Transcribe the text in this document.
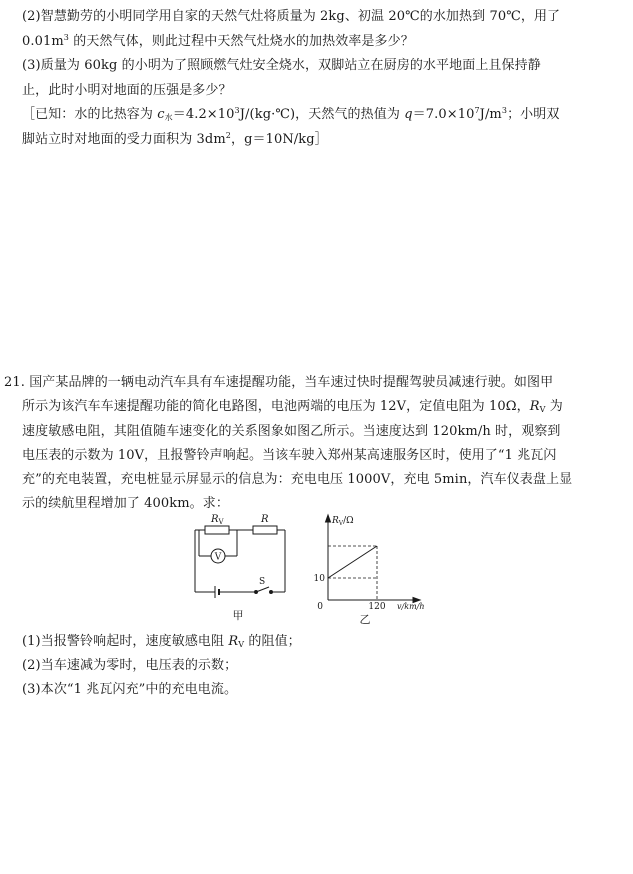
(2)智慧勤劳的小明同学用自家的天然气灶将质量为 2kg、初温 20℃的水加热到 70℃，用了
$0.01m^3$ 的天然气体，则此过程中天然气灶烧水的加热效率是多少？
(3)质量为 60kg 的小明为了照顾燃气灶安全烧水，双脚站立在厨房的水平地面上且保持静
止，此时小明对地面的压强是多少？
［已知：水的比热容为 $c_水=4.2\times 10^3J/(kg\cdot℃)$，天然气的热值为 $q=7.0\times 10^7J/m^3$；小明双
脚站立时对地面的受力面积为 $3dm^2$，g＝10N/kg］
21. 国产某品牌的一辆电动汽车具有车速提醒功能，当车速过快时提醒驾驶员减速行驶。如图甲
所示为该汽车车速提醒功能的简化电路图，电池两端的电压为 12V，定值电阻为 10Ω，$R_V$ 为
速度敏感电阻，其阻值随车速变化的关系图象如图乙所示。当速度达到 120km/h 时，观察到
电压表的示数为 10V，且报警铃声响起。当该车驶入郑州某高速服务区时，使用了“1 兆瓦闪
充”的充电装置，充电桩显示屏显示的信息为：充电电压 1000V，充电 5min，汽车仪表盘上显
示的续航里程增加了 400km。求：
$R_V$	R
V
S
甲
$R_V/\Omega$
10
0	120 v/km/h
乙
(1)当报警铃响起时，速度敏感电阻 $R_V$ 的阻值；
(2)当车速减为零时，电压表的示数；
(3)本次“1 兆瓦闪充”中的充电电流。
